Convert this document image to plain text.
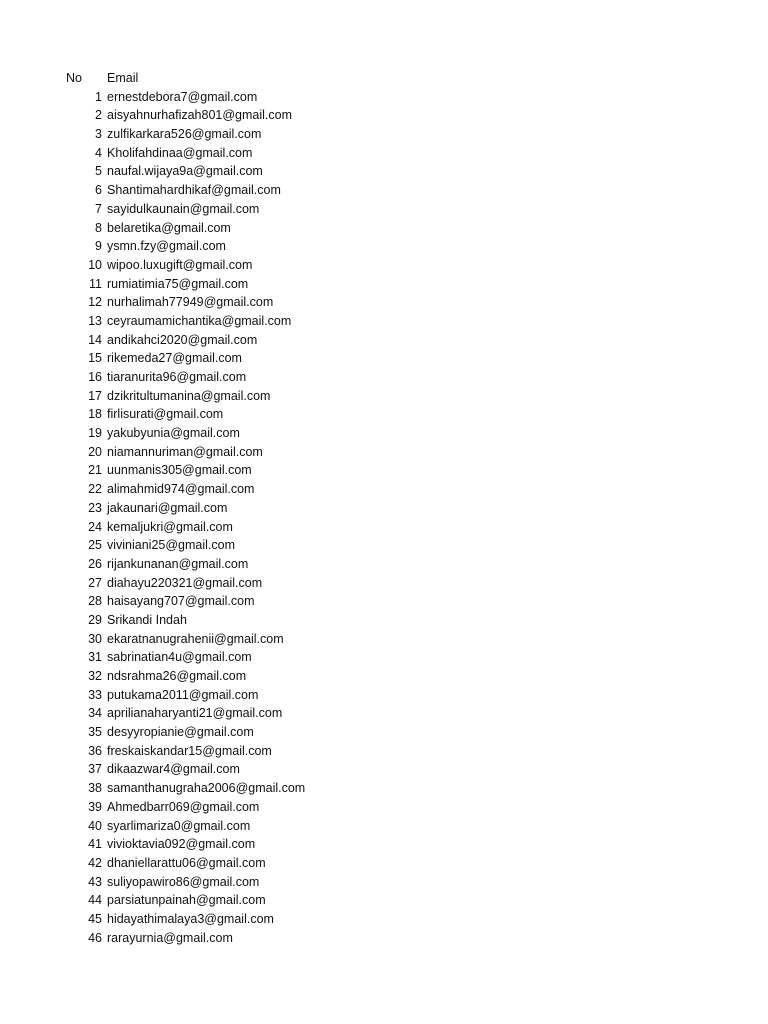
No Email
1 ernestdebora7@gmail.com
2 aisyahnurhafizah801@gmail.com
3 zulfikarkara526@gmail.com
4 Kholifahdinaa@gmail.com
5 naufal.wijaya9a@gmail.com
6 Shantimahardhikaf@gmail.com
7 sayidulkaunain@gmail.com
8 belaretika@gmail.com
9 ysmn.fzy@gmail.com
10 wipoo.luxugift@gmail.com
11 rumiatimia75@gmail.com
12 nurhalimah77949@gmail.com
13 ceyraumamichantika@gmail.com
14 andikahci2020@gmail.com
15 rikemeda27@gmail.com
16 tiaranurita96@gmail.com
17 dzikritultumanina@gmail.com
18 firlisurati@gmail.com
19 yakubyunia@gmail.com
20 niamannuriman@gmail.com
21 uunmanis305@gmail.com
22 alimahmid974@gmail.com
23 jakaunari@gmail.com
24 kemaljukri@gmail.com
25 viviniani25@gmail.com
26 rijankunanan@gmail.com
27 diahayu220321@gmail.com
28 haisayang707@gmail.com
29 Srikandi Indah
30 ekaratnanugrahenii@gmail.com
31 sabrinatian4u@gmail.com
32 ndsrahma26@gmail.com
33 putukama2011@gmail.com
34 aprilianaharyanti21@gmail.com
35 desyyropianie@gmail.com
36 freskaiskandar15@gmail.com
37 dikaazwar4@gmail.com
38 samanthanugraha2006@gmail.com
39 Ahmedbarr069@gmail.com
40 syarlimariza0@gmail.com
41 vivioktavia092@gmail.com
42 dhaniellarattu06@gmail.com
43 suliyopawiro86@gmail.com
44 parsiatunpainah@gmail.com
45 hidayathimalaya3@gmail.com
46 rarayurnia@gmail.com
